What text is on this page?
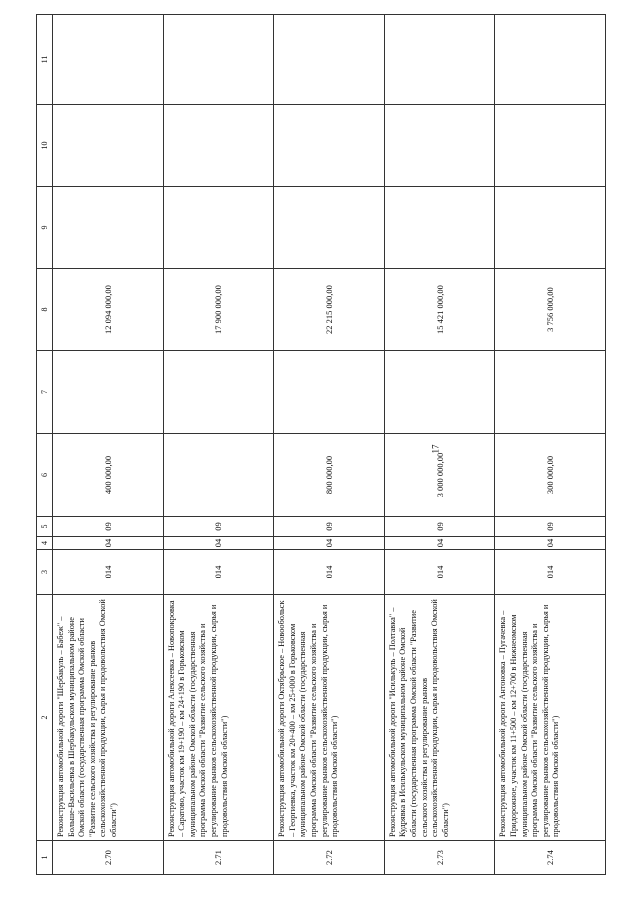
17
1	2	3	4	5	6	7	8	9	10	11
2.70	Реконструкция автомобильной дороги "Шербакуль – Бабеж" – Больше-Васильевка в Шербакульском муниципальном районе Омской области (государственная программа Омской области "Развитие сельского хозяйства и регулирование рынков сельскохозяйственной продукции, сырья и продовольствия Омской области")	014	04	09	400 000,00		12 094 000,00			
2.71	Реконструкция автомобильной дороги Алексеевка – Новопокровка – Саратово, участок км 19+190 – км 24+190 в Горьковском муниципальном районе Омской области (государственная программа Омской области "Развитие сельского хозяйства и регулирование рынков сельскохозяйственной продукции, сырья и продовольствия Омской области")	014	04	09			17 900 000,00			
2.72	Реконструкция автомобильной дороги Октябрьское – Новообольск – Георгиевка, участок км 20+400 – км 25+000 в Горьковском муниципальном районе Омской области (государственная программа Омской области "Развитие сельского хозяйства и регулирование рынков сельскохозяйственной продукции, сырья и продовольствия Омской области")	014	04	09	800 000,00		22 215 000,00			
2.73	Реконструкция автомобильной дороги "Исилькуль – Полтавка" – Кудрявка в Исилькульском муниципальном районе Омской области (государственная программа Омской области "Развитие сельского хозяйства и регулирование рынков сельскохозяйственной продукции, сырья и продовольствия Омской области")	014	04	09	3 000 000,00		15 421 000,00			
2.74	Реконструкция автомобильной дороги Антоновка – Пугачевка – Придорожное, участок км 11+500 – км 12+700 в Нижнеомском муниципальном районе Омской области (государственная программа Омской области "Развитие сельского хозяйства и регулирование рынков сельскохозяйственной продукции, сырья и продовольствия Омской области")	014	04	09	300 000,00		3 756 000,00			
